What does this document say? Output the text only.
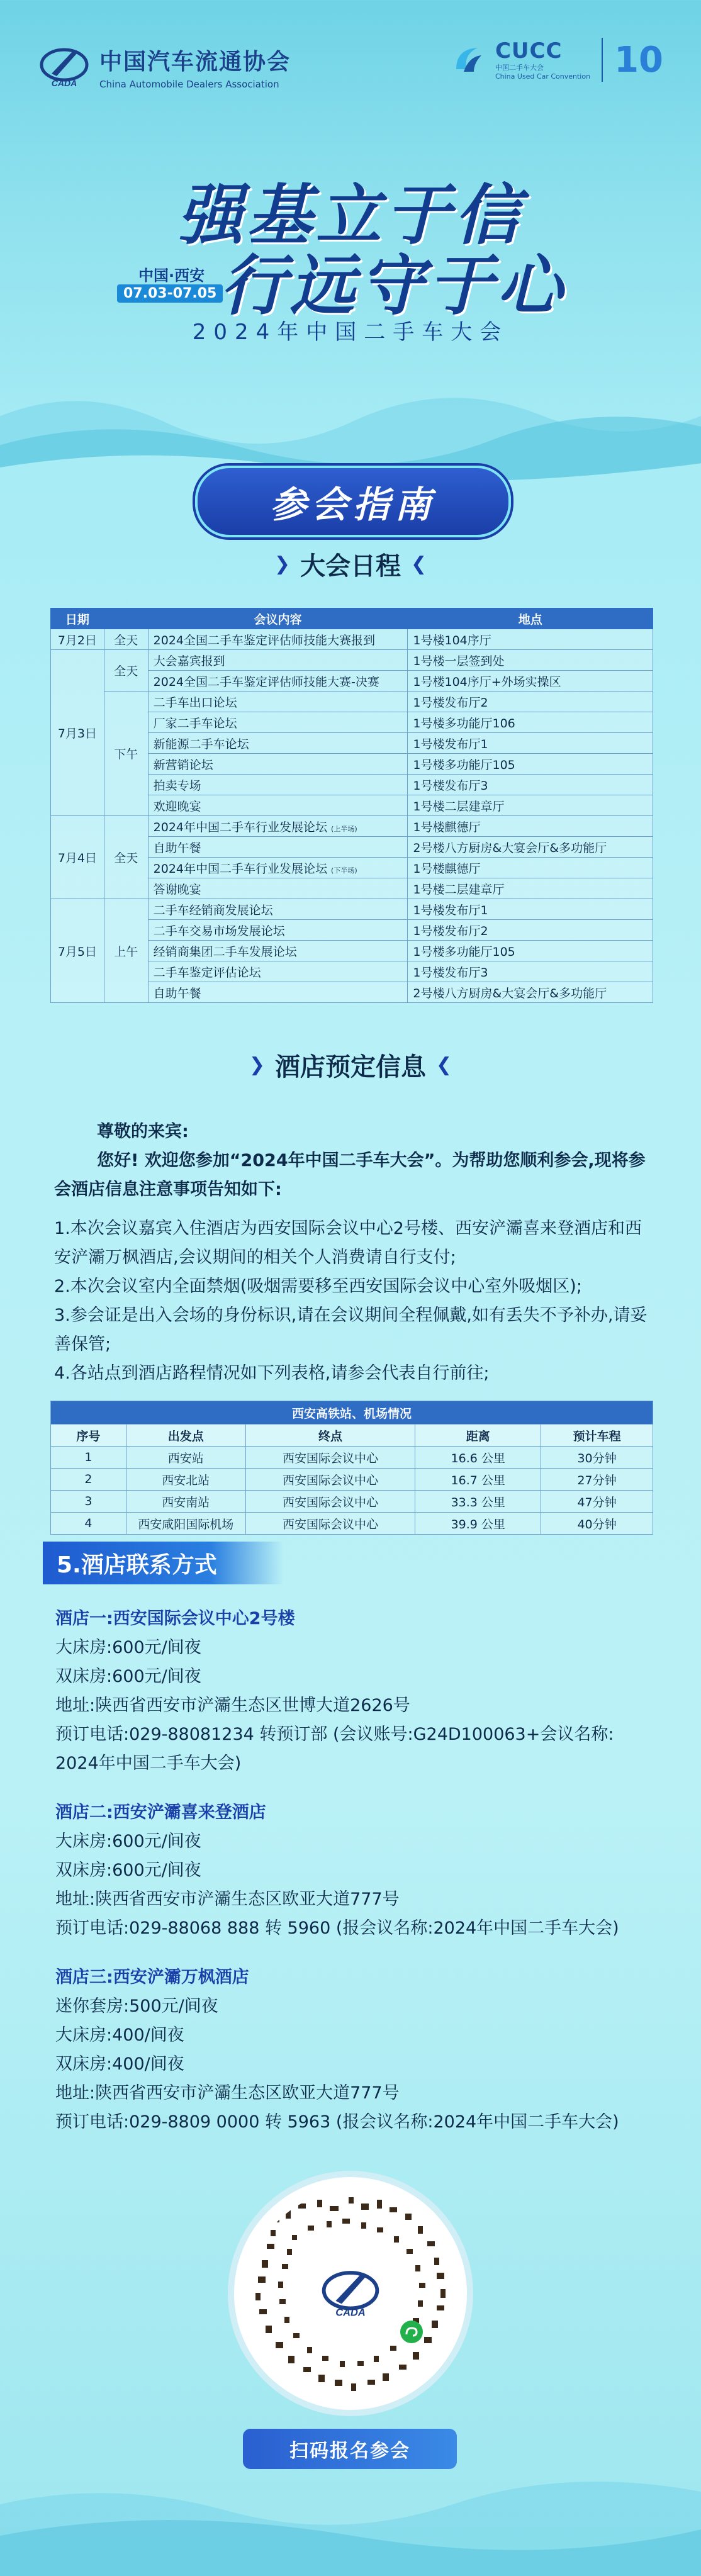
CADA
中国汽车流通协会
China Automobile Dealers Association
CUCC
中国二手车大会
China Used Car Convention 10
强基立于信
中国·西安
07.03-07.05 行远守于心
2024年中国二手车大会
参会指南
❯ 大会日程 ❮
日期		会议内容	地点
7月2日	全天	2024全国二手车鉴定评估师技能大赛报到	1号楼104序厅
7月3日	全天	大会嘉宾报到	1号楼一层签到处
		2024全国二手车鉴定评估师技能大赛-决赛	1号楼104序厅+外场实操区
	下午	二手车出口论坛	1号楼发布厅2
		厂家二手车论坛	1号楼多功能厅106
		新能源二手车论坛	1号楼发布厅1
		新营销论坛	1号楼多功能厅105
		拍卖专场	1号楼发布厅3
		欢迎晚宴	1号楼二层建章厅
7月4日	全天	2024年中国二手车行业发展论坛 (上半场)	1号楼麒德厅
		自助午餐	2号楼八方厨房&大宴会厅&多功能厅
		2024年中国二手车行业发展论坛 (下半场)	1号楼麒德厅
		答谢晚宴	1号楼二层建章厅
7月5日	上午	二手车经销商发展论坛	1号楼发布厅1
		二手车交易市场发展论坛	1号楼发布厅2
		经销商集团二手车发展论坛	1号楼多功能厅105
		二手车鉴定评估论坛	1号楼发布厅3
		自助午餐	2号楼八方厨房&大宴会厅&多功能厅
❯ 酒店预定信息 ❮
尊敬的来宾:
您好! 欢迎您参加“2024年中国二手车大会”。为帮助您顺利参会,现将参会酒店信息注意事项告知如下:
1.本次会议嘉宾入住酒店为西安国际会议中心2号楼、西安浐灞喜来登酒店和西安浐灞万枫酒店,会议期间的相关个人消费请自行支付;
2.本次会议室内全面禁烟(吸烟需要移至西安国际会议中心室外吸烟区);
3.参会证是出入会场的身份标识,请在会议期间全程佩戴,如有丢失不予补办,请妥善保管;
4.各站点到酒店路程情况如下列表格,请参会代表自行前往;
西安高铁站、机场情况				
序号	出发点	终点	距离	预计车程
1	西安站	西安国际会议中心	16.6 公里	30分钟
2	西安北站	西安国际会议中心	16.7 公里	27分钟
3	西安南站	西安国际会议中心	33.3 公里	47分钟
4	西安咸阳国际机场	西安国际会议中心	39.9 公里	40分钟
5.酒店联系方式
酒店一:西安国际会议中心2号楼
大床房:600元/间夜
双床房:600元/间夜
地址:陕西省西安市浐灞生态区世博大道2626号
预订电话:029-88081234 转预订部 (会议账号:G24D100063+会议名称:
2024年中国二手车大会)
酒店二:西安浐灞喜来登酒店
大床房:600元/间夜
双床房:600元/间夜
地址:陕西省西安市浐灞生态区欧亚大道777号
预订电话:029-88068 888 转 5960 (报会议名称:2024年中国二手车大会)
酒店三:西安浐灞万枫酒店
迷你套房:500元/间夜
大床房:400/间夜
双床房:400/间夜
地址:陕西省西安市浐灞生态区欧亚大道777号
预订电话:029-8809 0000 转 5963 (报会议名称:2024年中国二手车大会)
CADA
扫码报名参会
